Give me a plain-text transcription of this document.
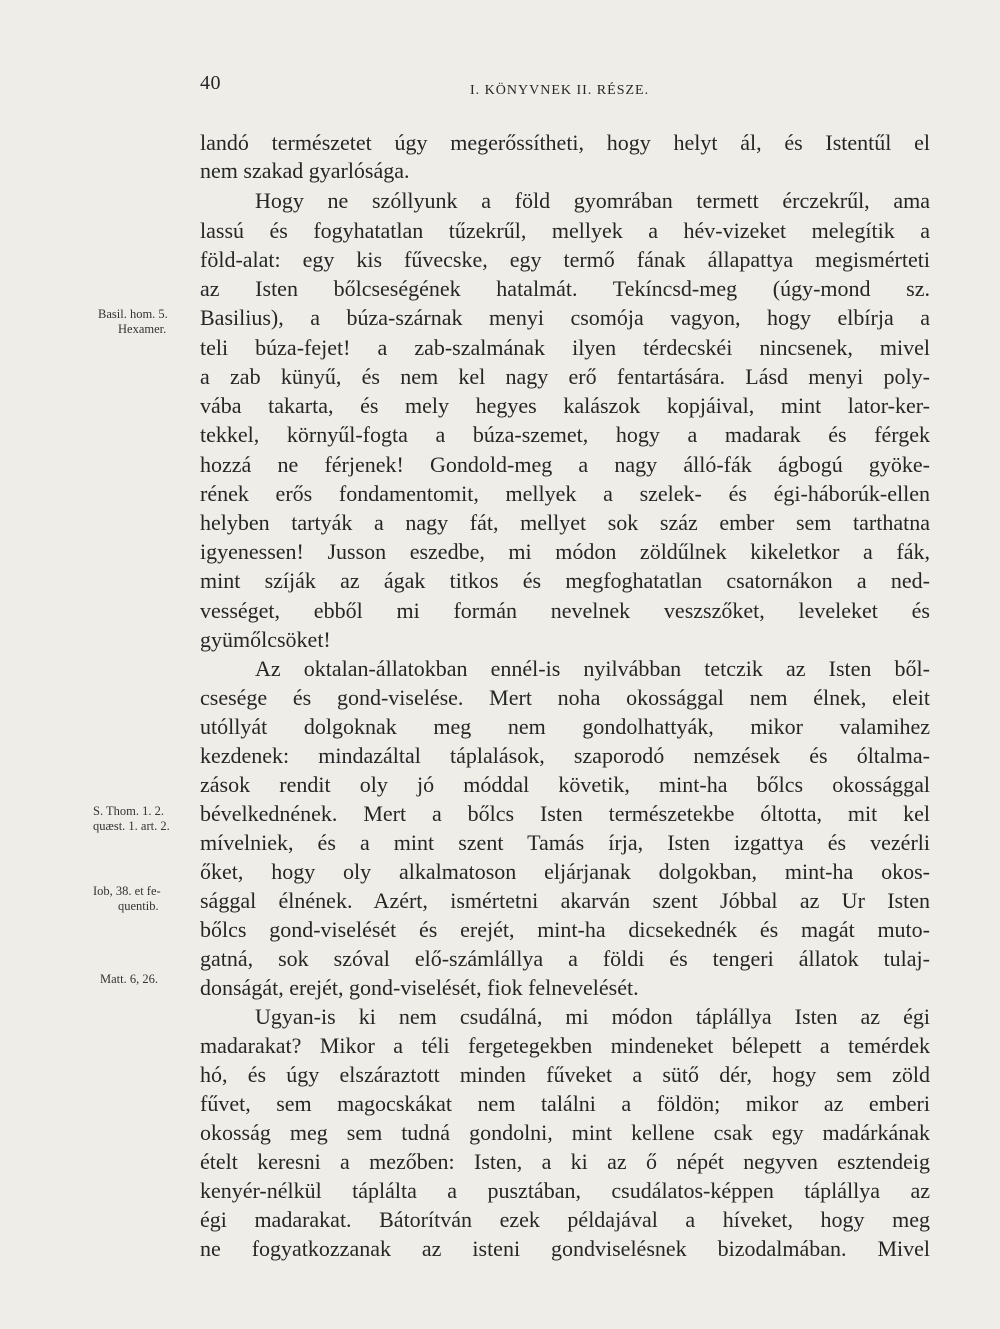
40	I. KÖNYVNEK II. RÉSZE.
Basil. hom. 5.
Hexamer.
S. Thom. 1. 2.
quæst. 1. art. 2.
Iob, 38. et fe-
quentib.
Matt. 6, 26.
landó természetet úgy megerőssítheti, hogy helyt ál, és Istentűl el
nem szakad gyarlósága.
Hogy ne szóllyunk a föld gyomrában termett érczekrűl, ama
lassú és fogyhatatlan tűzekrűl, mellyek a hév-vizeket melegítik a
föld-alat: egy kis fűvecske, egy termő fának állapattya megismérteti
az Isten bőlcseségének hatalmát. Tekíncsd-meg (úgy-mond sz.
Basilius), a búza-szárnak menyi csomója vagyon, hogy elbírja a
teli búza-fejet! a zab-szalmának ilyen térdecskéi nincsenek, mivel
a zab künyű, és nem kel nagy erő fentartására. Lásd menyi poly-
vába takarta, és mely hegyes kalászok kopjáival, mint lator-ker-
tekkel, környűl-fogta a búza-szemet, hogy a madarak és férgek
hozzá ne férjenek! Gondold-meg a nagy álló-fák ágbogú gyöke-
rének erős fondamentomit, mellyek a szelek- és égi-háborúk-ellen
helyben tartyák a nagy fát, mellyet sok száz ember sem tarthatna
igyenessen! Jusson eszedbe, mi módon zöldűlnek kikeletkor a fák,
mint szíják az ágak titkos és megfoghatatlan csatornákon a ned-
vességet, ebből mi formán nevelnek veszszőket, leveleket és
gyümőlcsöket!
Az oktalan-állatokban ennél-is nyilvábban tetczik az Isten ből-
csesége és gond-viselése. Mert noha okossággal nem élnek, eleit
utóllyát dolgoknak meg nem gondolhattyák, mikor valamihez
kezdenek: mindazáltal táplalások, szaporodó nemzések és óltalma-
zások rendit oly jó móddal követik, mint-ha bőlcs okossággal
bévelkednének. Mert a bőlcs Isten természetekbe óltotta, mit kel
mívelniek, és a mint szent Tamás írja, Isten izgattya és vezérli
őket, hogy oly alkalmatoson eljárjanak dolgokban, mint-ha okos-
sággal élnének. Azért, ismértetni akarván szent Jóbbal az Ur Isten
bőlcs gond-viselését és erejét, mint-ha dicsekednék és magát muto-
gatná, sok szóval elő-számlállya a földi és tengeri állatok tulaj-
donságát, erejét, gond-viselését, fiok felnevelését.
Ugyan-is ki nem csudálná, mi módon táplállya Isten az égi
madarakat? Mikor a téli fergetegekben mindeneket bélepett a temérdek
hó, és úgy elszáraztott minden fűveket a sütő dér, hogy sem zöld
fűvet, sem magocskákat nem találni a földön; mikor az emberi
okosság meg sem tudná gondolni, mint kellene csak egy madárkának
ételt keresni a mezőben: Isten, a ki az ő népét negyven esztendeig
kenyér-nélkül táplálta a pusztában, csudálatos-képpen táplállya az
égi madarakat. Bátorítván ezek példajával a híveket, hogy meg
ne fogyatkozzanak az isteni gondviselésnek bizodalmában. Mivel
